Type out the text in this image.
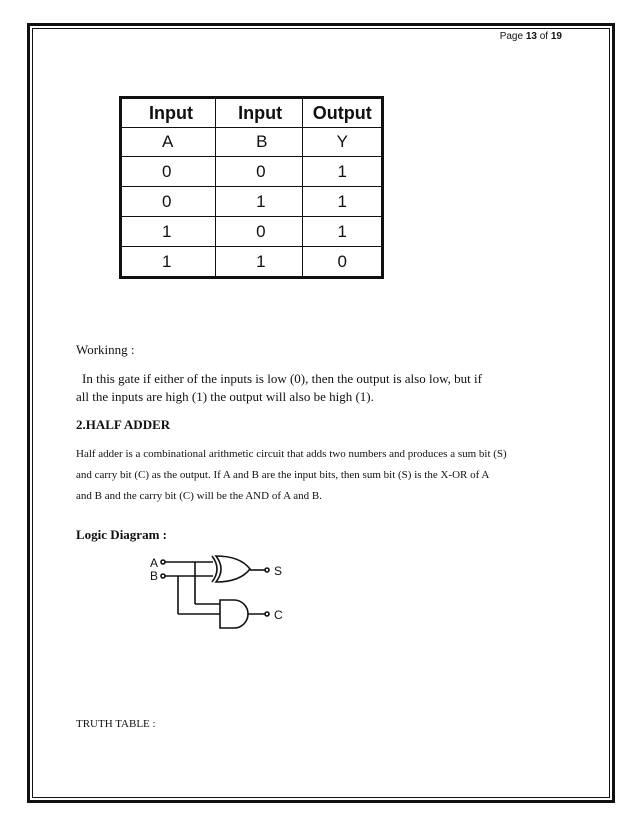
Page 13 of 19
Input	Input	Output
A	B	Y
0	0	1
0	1	1
1	0	1
1	1	0
Workinng :
In this gate if either of the inputs is low (0), then the output is also low, but if
all the inputs are high (1) the output will also be high (1).
2.HALF ADDER
Half adder is a combinational arithmetic circuit that adds two numbers and produces a sum bit (S)
and carry bit (C) as the output. If A and B are the input bits, then sum bit (S) is the X-OR of A
and B and the carry bit (C) will be the AND of A and B.
Logic Diagram :
A
B	S
C
TRUTH TABLE :
